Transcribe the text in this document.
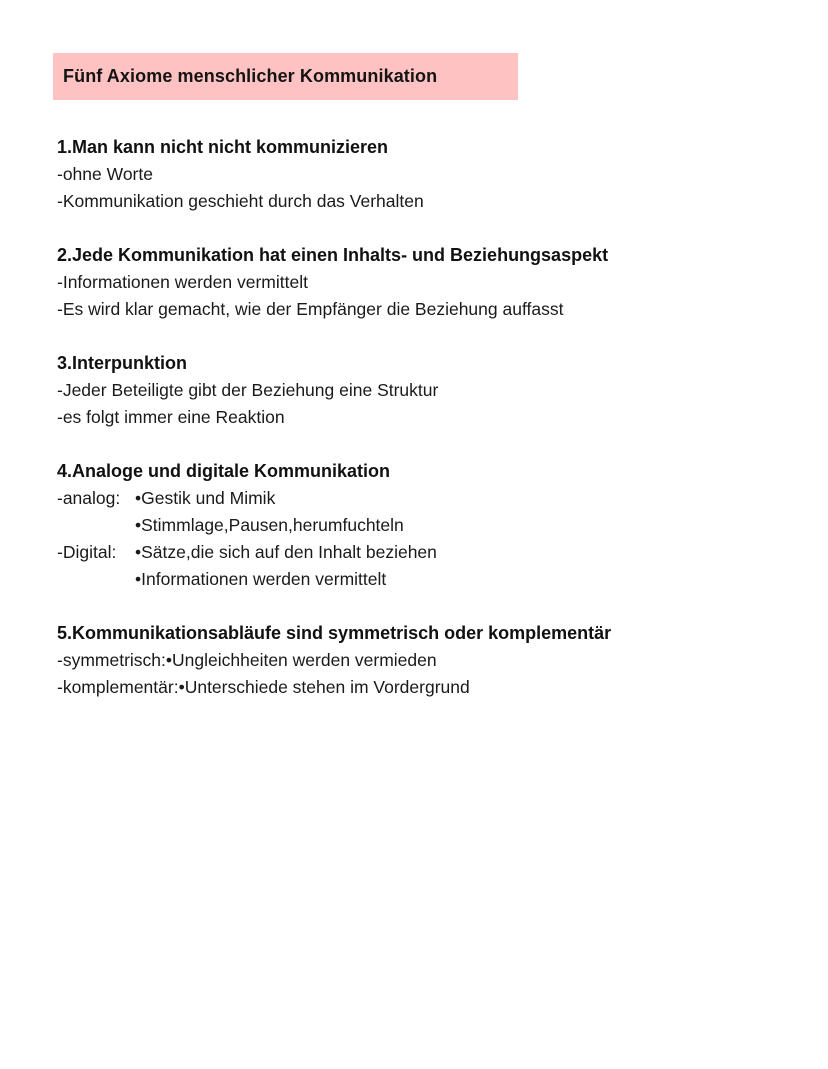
Fünf Axiome menschlicher Kommunikation
1.Man kann nicht nicht kommunizieren
-ohne Worte
-Kommunikation geschieht durch das Verhalten
2.Jede Kommunikation hat einen Inhalts- und Beziehungsaspekt
-Informationen werden vermittelt
-Es wird klar gemacht, wie der Empfänger die Beziehung auffasst
3.Interpunktion
-Jeder Beteiligte gibt der Beziehung eine Struktur
-es folgt immer eine Reaktion
4.Analoge und digitale Kommunikation
-analog: •Gestik und Mimik
•Stimmlage,Pausen,herumfuchteln
-Digital:	•Sätze,die sich auf den Inhalt beziehen
•Informationen werden vermittelt
5.Kommunikationsabläufe sind symmetrisch oder komplementär
-symmetrisch:•Ungleichheiten werden vermieden
-komplementär:•Unterschiede stehen im Vordergrund
